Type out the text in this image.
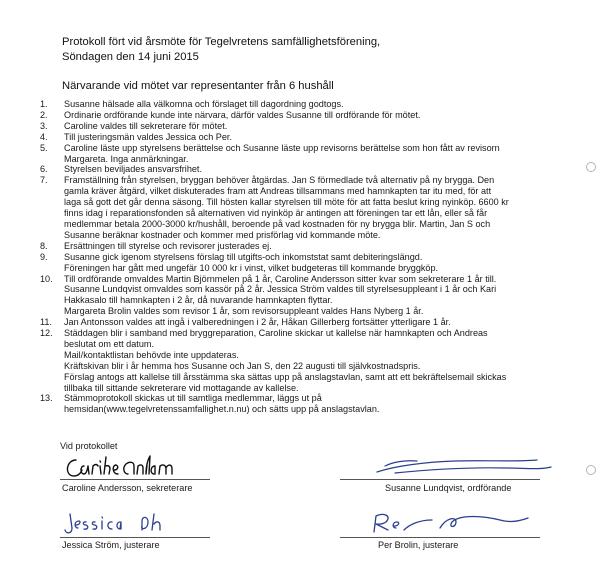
Protokoll fört vid årsmöte för Tegelvretens samfällighetsförening,
Söndagen den 14 juni 2015
Närvarande vid mötet var representanter från 6 hushåll
1.	Susanne hälsade alla välkomna och förslaget till dagordning godtogs.
2.	Ordinarie ordförande kunde inte närvara, därför valdes Susanne till ordförande för mötet.
3.	Caroline valdes till sekreterare för mötet.
4.	Till justeringsmän valdes Jessica och Per.
5.	Caroline läste upp styrelsens berättelse och Susanne läste upp revisorns berättelse som hon fått av revisorn
Margareta. Inga anmärkningar.
6.	Styrelsen beviljades ansvarsfrihet.
7.	Framställning från styrelsen, bryggan behöver åtgärdas. Jan S förmedlade två alternativ på ny brygga. Den
gamla kräver åtgärd, vilket diskuterades fram att Andreas tillsammans med hamnkapten tar itu med, för att
laga så gott det går denna säsong. Till hösten kallar styrelsen till möte för att fatta beslut kring nyinköp. 6600 kr
finns idag i reparationsfonden så alternativen vid nyinköp är antingen att föreningen tar ett lån, eller så får
medlemmar betala 2000-3000 kr/hushåll, beroende på vad kostnaden för ny brygga blir. Martin, Jan S och
Susanne beräknar kostnader och kommer med prisförlag vid kommande möte.
8.	Ersättningen till styrelse och revisorer justerades ej.
9.	Susanne gick igenom styrelsens förslag till utgifts-och inkomststat samt debiteringslängd.
Föreningen har gått med ungefär 10 000 kr i vinst, vilket budgeteras till kommande bryggköp.
10.	Till ordförande omvaldes Martin Björnmelen på 1 år, Caroline Andersson sitter kvar som sekreterare 1 år till.
Susanne Lundqvist omvaldes som kassör på 2 år. Jessica Ström valdes till styrelsesuppleant i 1 år och Kari
Hakkasalo till hamnkapten i 2 år, då nuvarande hamnkapten flyttar.
Margareta Brolin valdes som revisor 1 år, som revisorsuppleant valdes Hans Nyberg 1 år.
11.	Jan Antonsson valdes att ingå i valberedningen i 2 år, Håkan Gillerberg fortsätter ytterligare 1 år.
12.	Städdagen blir i samband med bryggreparation, Caroline skickar ut kallelse när hamnkapten och Andreas
beslutat om ett datum.
Mail/kontaktlistan behövde inte uppdateras.
Kräftskivan blir i år hemma hos Susanne och Jan S, den 22 augusti till självkostnadspris.
Förslag antogs att kallelse till årsstämma ska sättas upp på anslagstavlan, samt att ett bekräftelsemail skickas
tillbaka till sittande sekreterare vid mottagande av kallelse.
13.	Stämmoprotokoll skickas ut till samtliga medlemmar, läggs ut på
hemsidan(www.tegelvretenssamfallighet.n.nu) och sätts upp på anslagstavlan.
Vid protokollet
Caroline Andersson, sekreterare	Susanne Lundqvist, ordförande
Jessica Ström, justerare	Per Brolin, justerare
